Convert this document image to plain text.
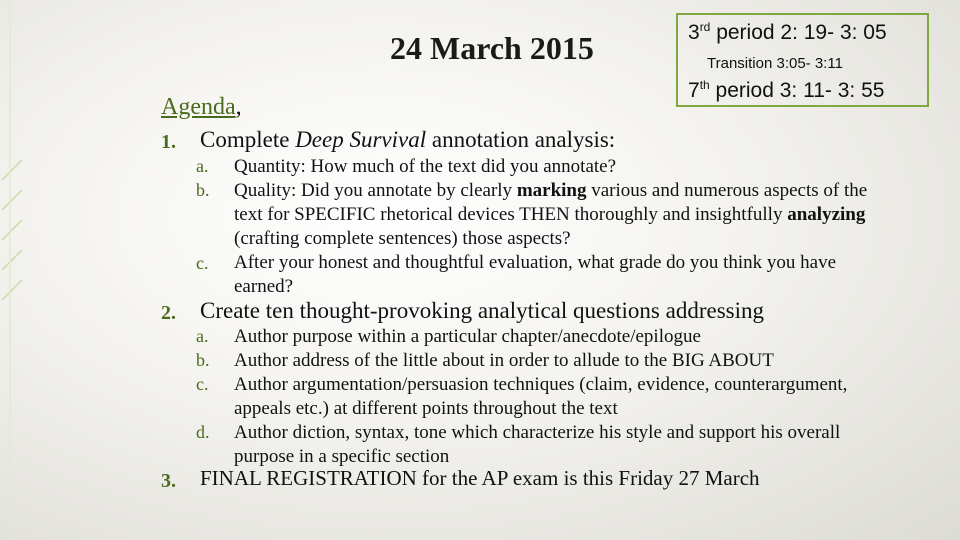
24 March 2015	3rd period 2: 19- 3: 05
Transition 3:05- 3:11
7th period 3: 11- 3: 55
Agenda,
1. Complete Deep Survival annotation analysis:
a. Quantity: How much of the text did you annotate?
b. Quality: Did you annotate by clearly marking various and numerous aspects of the text for SPECIFIC rhetorical devices THEN thoroughly and insightfully analyzing (crafting complete sentences) those aspects?
c. After your honest and thoughtful evaluation, what grade do you think you have earned?
2. Create ten thought-provoking analytical questions addressing
a. Author purpose within a particular chapter/anecdote/epilogue
b. Author address of the little about in order to allude to the BIG ABOUT
c. Author argumentation/persuasion techniques (claim, evidence, counterargument, appeals etc.) at different points throughout the text
d. Author diction, syntax, tone which characterize his style and support his overall purpose in a specific section
3. FINAL REGISTRATION for the AP exam is this Friday 27 March
